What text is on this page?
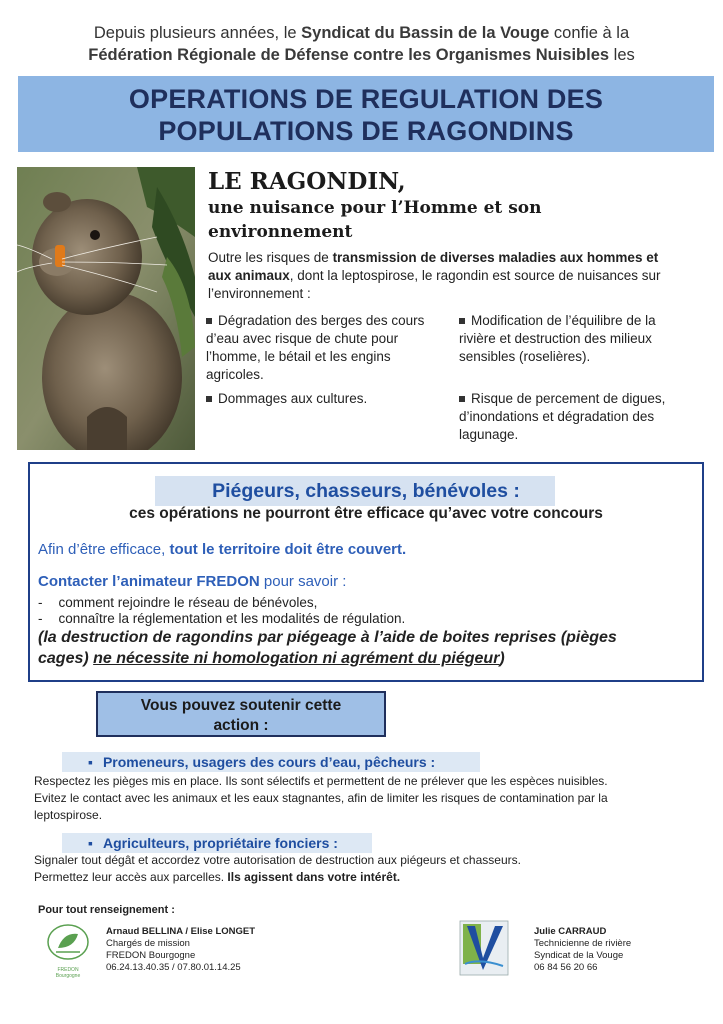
Depuis plusieurs années, le Syndicat du Bassin de la Vouge confie à la
Fédération Régionale de Défense contre les Organismes Nuisibles les
OPERATIONS DE REGULATION DES
POPULATIONS DE RAGONDINS
LE RAGONDIN,
une nuisance pour l’Homme et son
environnement
Outre les risques de transmission de diverses maladies aux hommes et aux animaux, dont la leptospirose, le ragondin est source de nuisances sur l’environnement :
Dégradation des berges des cours d’eau avec risque de chute pour l’homme, le bétail et les engins agricoles.
Dommages aux cultures.
Modification de l’équilibre de la rivière et destruction des milieux sensibles (roselières).
Risque de percement de digues, d’inondations et dégradation des lagunage.
Piégeurs, chasseurs, bénévoles :
ces opérations ne pourront être efficace qu’avec votre concours
Afin d’être efficace, tout le territoire doit être couvert.
Contacter l’animateur FREDON pour savoir :
- comment rejoindre le réseau de bénévoles,
- connaître la réglementation et les modalités de régulation.
(la destruction de ragondins par piégeage à l’aide de boites reprises (pièges
cages) ne nécessite ni homologation ni agrément du piégeur)
Vous pouvez soutenir cette
action :
▪ Promeneurs, usagers des cours d’eau, pêcheurs :
Respectez les pièges mis en place. Ils sont sélectifs et permettent de ne prélever que les espèces nuisibles.
Evitez le contact avec les animaux et les eaux stagnantes, afin de limiter les risques de contamination par la
leptospirose.
▪ Agriculteurs, propriétaire fonciers :
Signaler tout dégât et accordez votre autorisation de destruction aux piégeurs et chasseurs.
Permettez leur accès aux parcelles. Ils agissent dans votre intérêt.
Pour tout renseignement :
FREDON
Bourgogne
Arnaud BELLINA / Elise LONGET
Chargés de mission
FREDON Bourgogne
06.24.13.40.35 / 07.80.01.14.25
Julie CARRAUD
Technicienne de rivière
Syndicat de la Vouge
06 84 56 20 66
